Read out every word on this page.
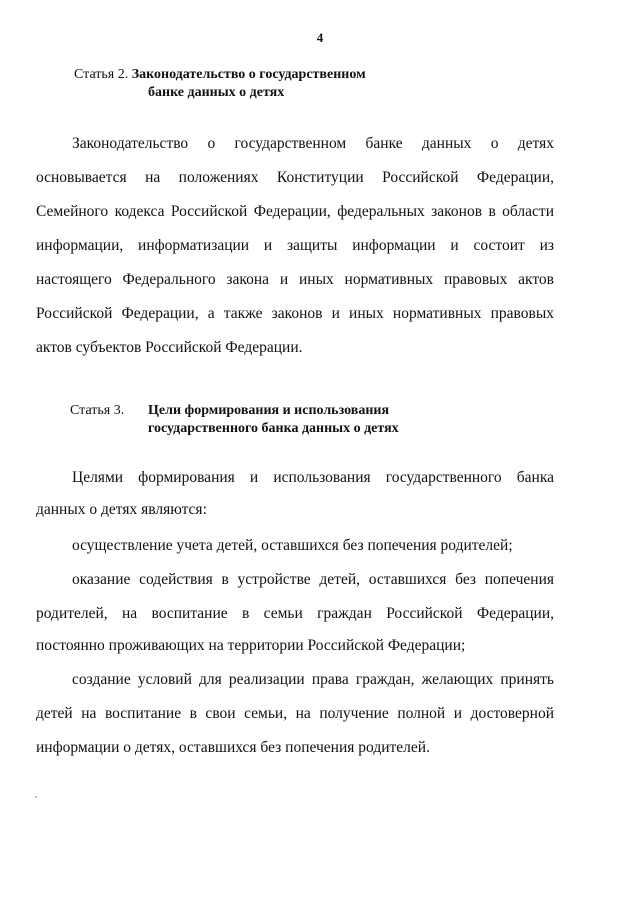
4
Статья 2. Законодательство о государственном
банке данных о детях
Законодательство о государственном банке данных о детях
основывается на положениях Конституции Российской Федерации,
Семейного кодекса Российской Федерации, федеральных законов в области
информации, информатизации и защиты информации и состоит из
настоящего Федерального закона и иных нормативных правовых актов
Российской Федерации, а также законов и иных нормативных правовых
актов субъектов Российской Федерации.
Статья 3. Цели формирования и использования
государственного банка данных о детях
Целями формирования и использования государственного банка
данных о детях являются:
осуществление учета детей, оставшихся без попечения родителей;
оказание содействия в устройстве детей, оставшихся без попечения
родителей, на воспитание в семьи граждан Российской Федерации,
постоянно проживающих на территории Российской Федерации;
создание условий для реализации права граждан, желающих принять
детей на воспитание в свои семьи, на получение полной и достоверной
информации о детях, оставшихся без попечения родителей.
